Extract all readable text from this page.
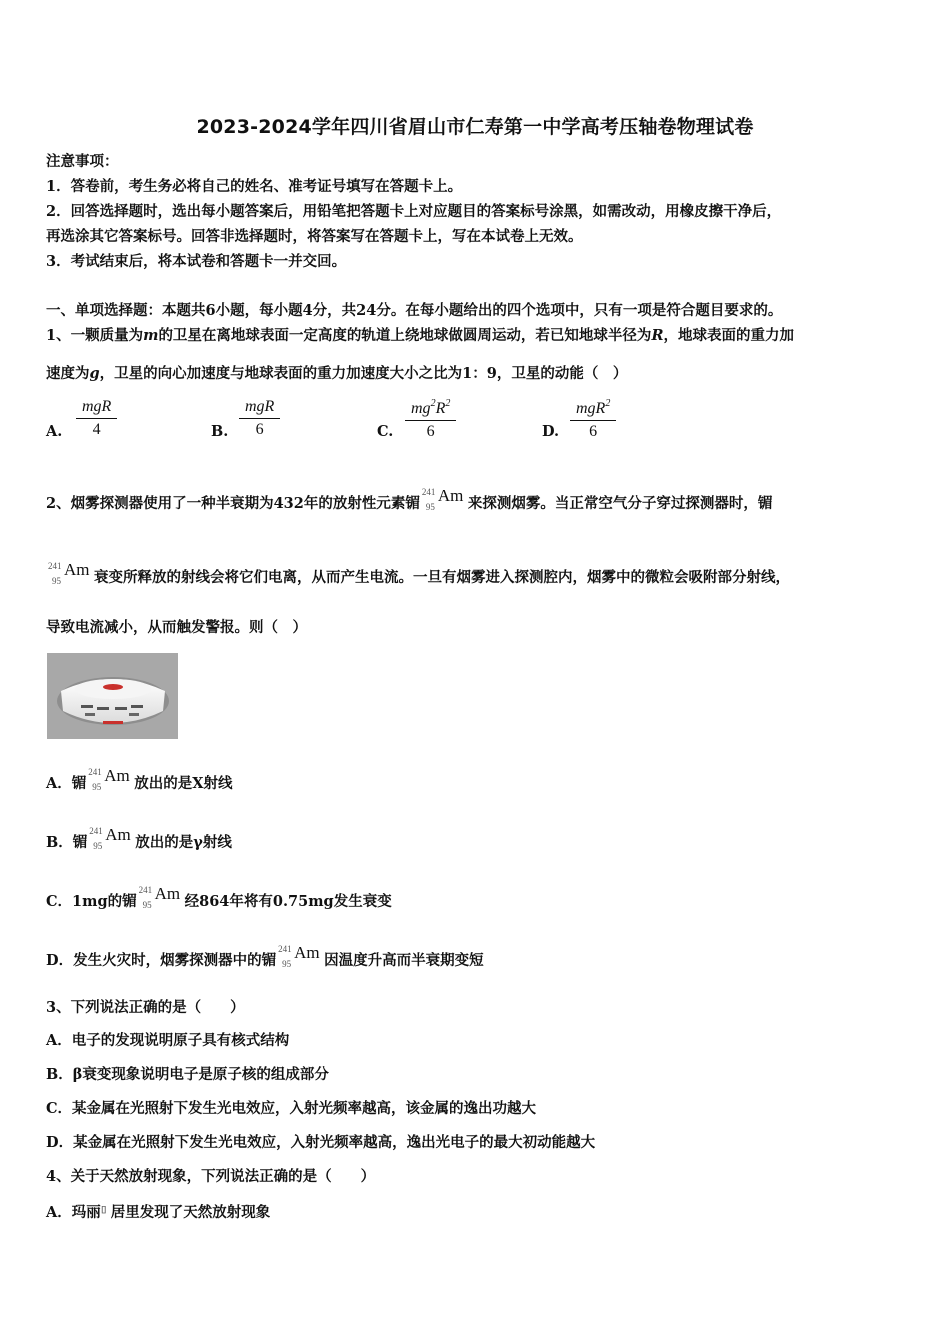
2023-2024学年四川省眉山市仁寿第一中学高考压轴卷物理试卷
注意事项：
1．答卷前，考生务必将自己的姓名、准考证号填写在答题卡上。
2．回答选择题时，选出每小题答案后，用铅笔把答题卡上对应题目的答案标号涂黑，如需改动，用橡皮擦干净后，
再选涂其它答案标号。回答非选择题时，将答案写在答题卡上，写在本试卷上无效。
3．考试结束后，将本试卷和答题卡一并交回。
一、单项选择题：本题共6小题，每小题4分，共24分。在每小题给出的四个选项中，只有一项是符合题目要求的。
1、一颗质量为m的卫星在离地球表面一定高度的轨道上绕地球做圆周运动，若已知地球半径为R，地球表面的重力加
速度为g，卫星的向心加速度与地球表面的重力加速度大小之比为1：9，卫星的动能（　）
A.
mgR
4	B.
mgR
6	C. $\frac{mg^2R^2}{6}$	D.
mgR$^2$
6
2、烟雾探测器使用了一种半衰期为432年的放射性元素镅
241
95
Am 来探测烟雾。当正常空气分子穿过探测器时，镅
241
95
Am 衰变所释放的射线会将它们电离，从而产生电流。一旦有烟雾进入探测腔内，烟雾中的微粒会吸附部分射线，
导致电流减小，从而触发警报。则（　）
A．镅
241
95
Am 放出的是X射线
B．镅
241
95
Am 放出的是γ射线
C．1mg的镅
241
95
Am 经864年将有0.75mg发生衰变
D．发生火灾时，烟雾探测器中的镅
241
95
Am 因温度升高而半衰期变短
3、下列说法正确的是（　　）
A．电子的发现说明原子具有核式结构
B．β衰变现象说明电子是原子核的组成部分
C．某金属在光照射下发生光电效应，入射光频率越高，该金属的逸出功越大
D．某金属在光照射下发生光电效应，入射光频率越高，逸出光电子的最大初动能越大
4、关于天然放射现象，下列说法正确的是（　　）
A．玛丽⌷ 居里发现了天然放射现象
